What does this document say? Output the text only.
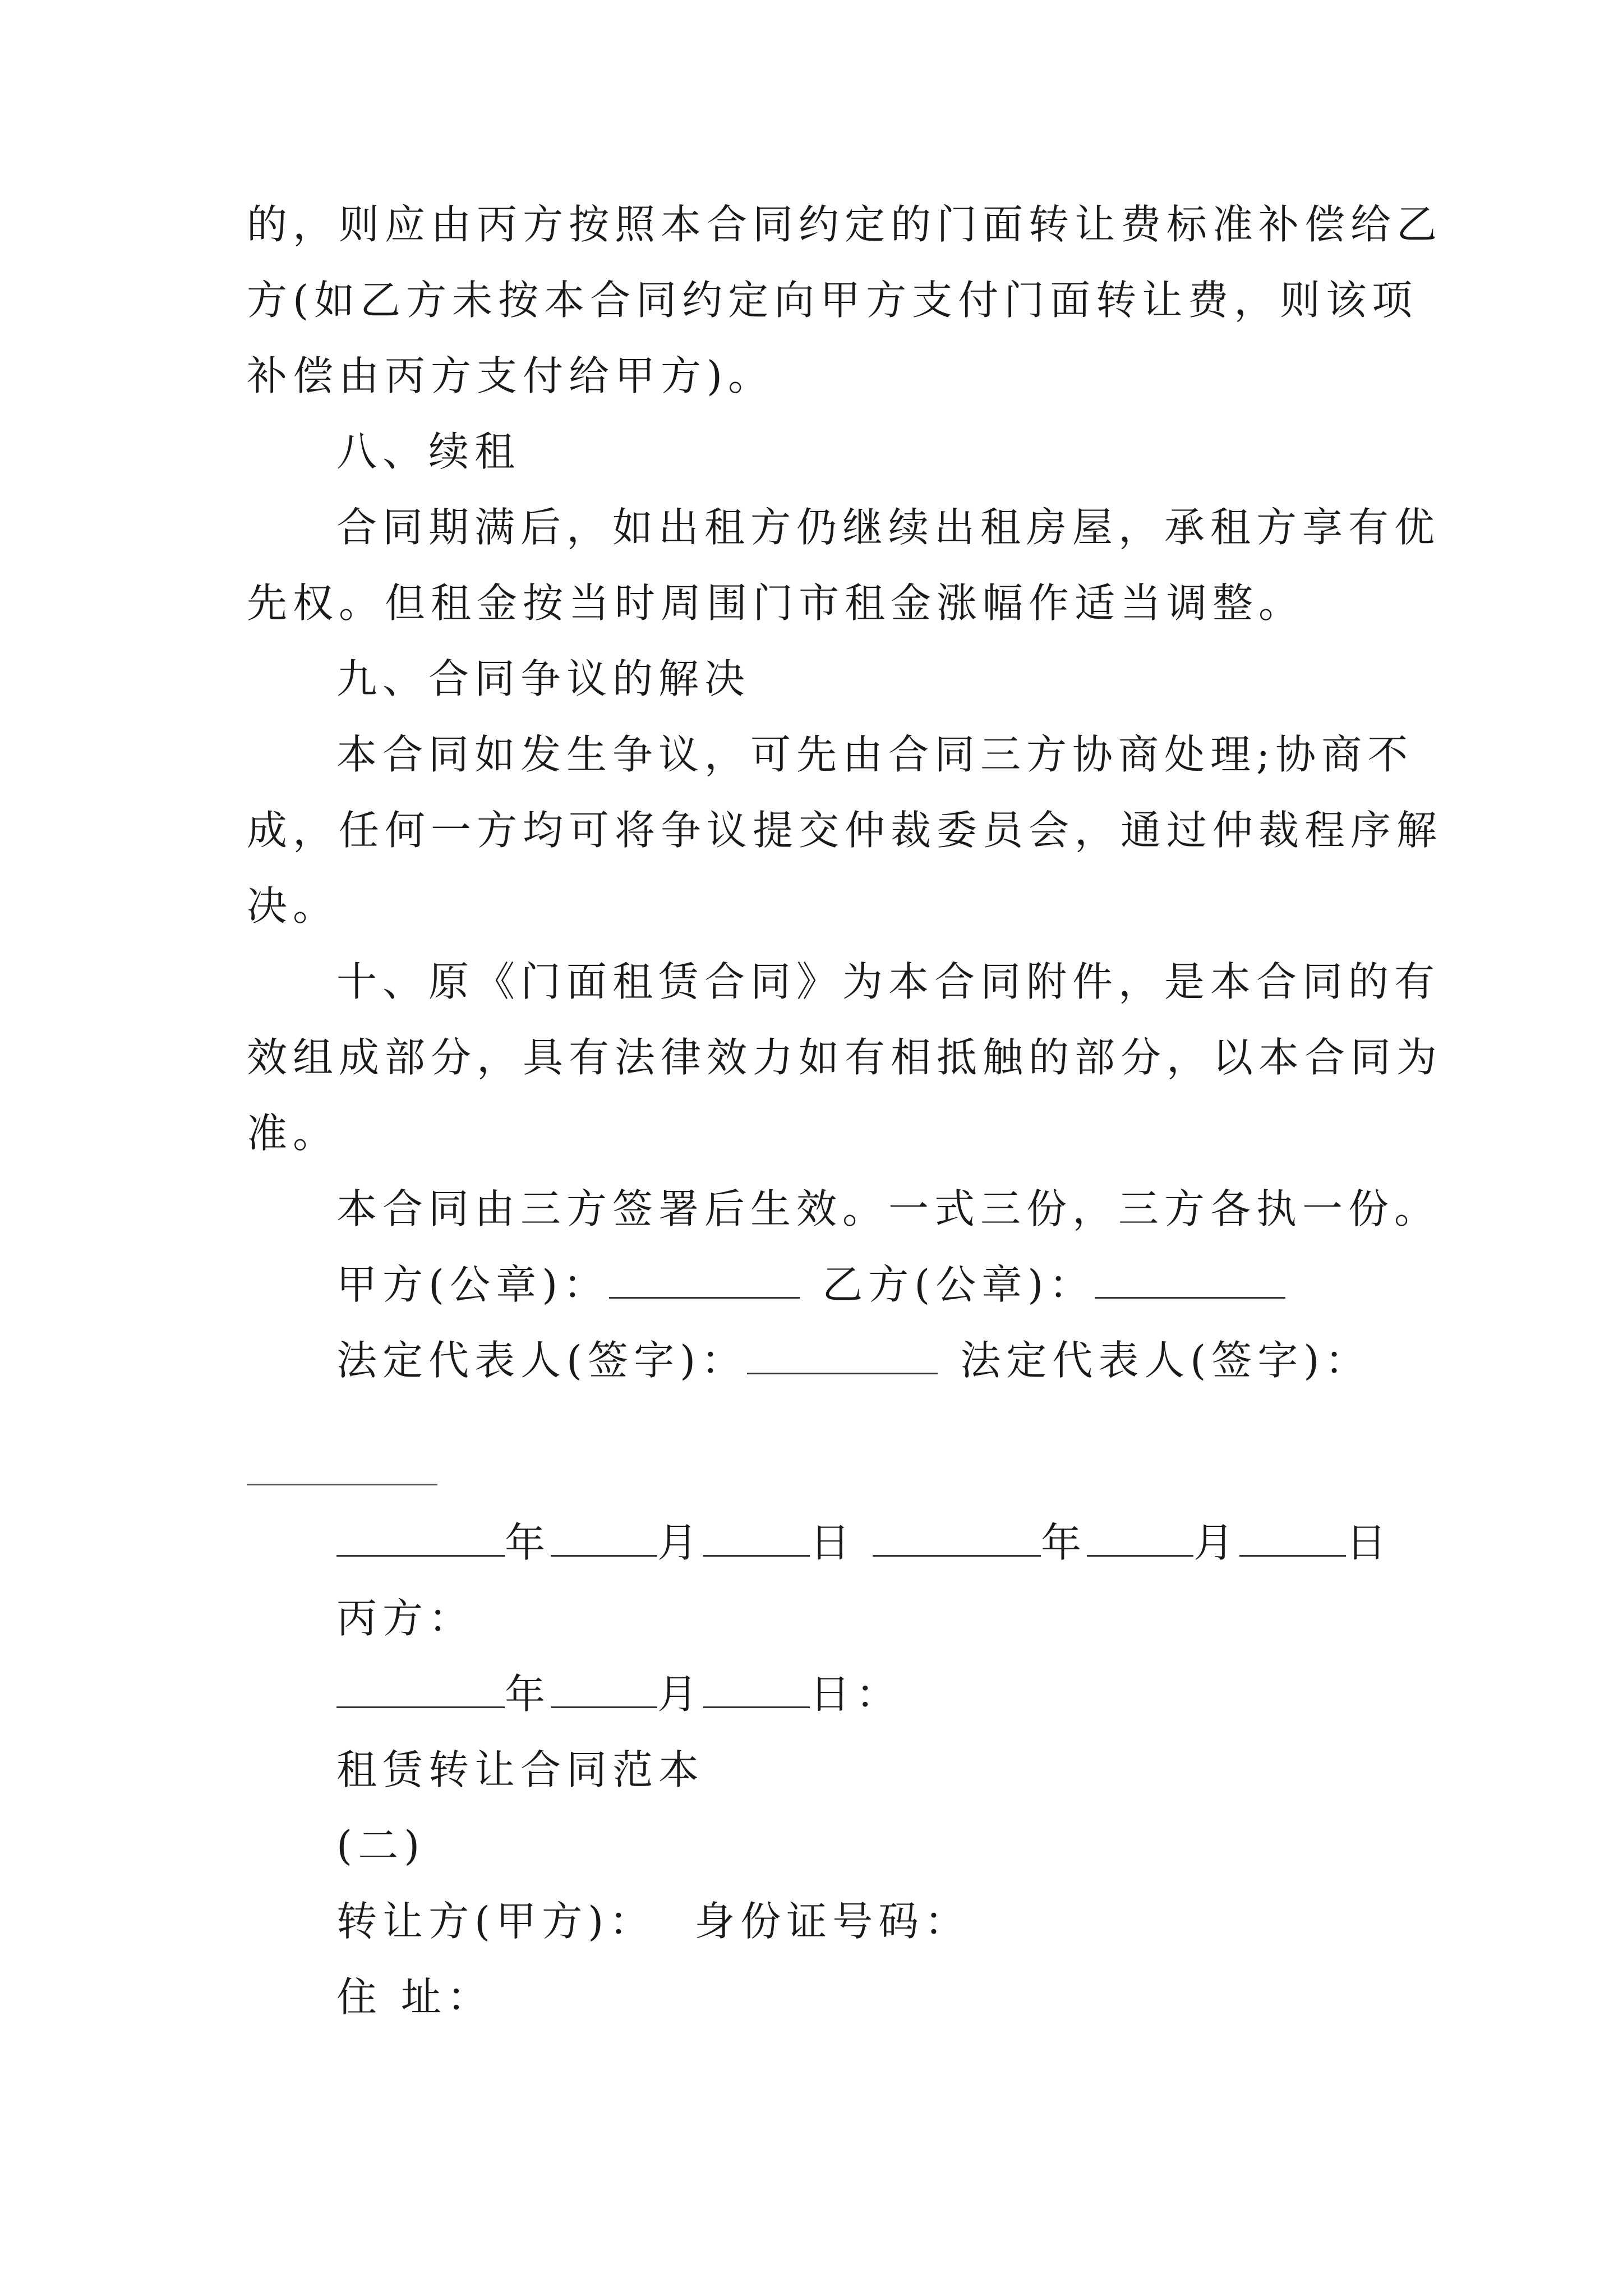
的，则应由丙方按照本合同约定的门面转让费标准补偿给乙
方(如乙方未按本合同约定向甲方支付门面转让费，则该项
补偿由丙方支付给甲方)。
八、续租
合同期满后，如出租方仍继续出租房屋，承租方享有优
先权。但租金按当时周围门市租金涨幅作适当调整。
九、合同争议的解决
本合同如发生争议，可先由合同三方协商处理;协商不
成，任何一方均可将争议提交仲裁委员会，通过仲裁程序解
决。
十、原《门面租赁合同》为本合同附件，是本合同的有
效组成部分，具有法律效力如有相抵触的部分，以本合同为
准。
本合同由三方签署后生效。一式三份，三方各执一份。
甲方(公章)：	乙方(公章)：
法定代表人(签字)：	法定代表人(签字)：
年	月	日	年	月	日
丙方：
年	月	日：
租赁转让合同范本
(二)
转让方(甲方)： 身份证号码：
住 址：
